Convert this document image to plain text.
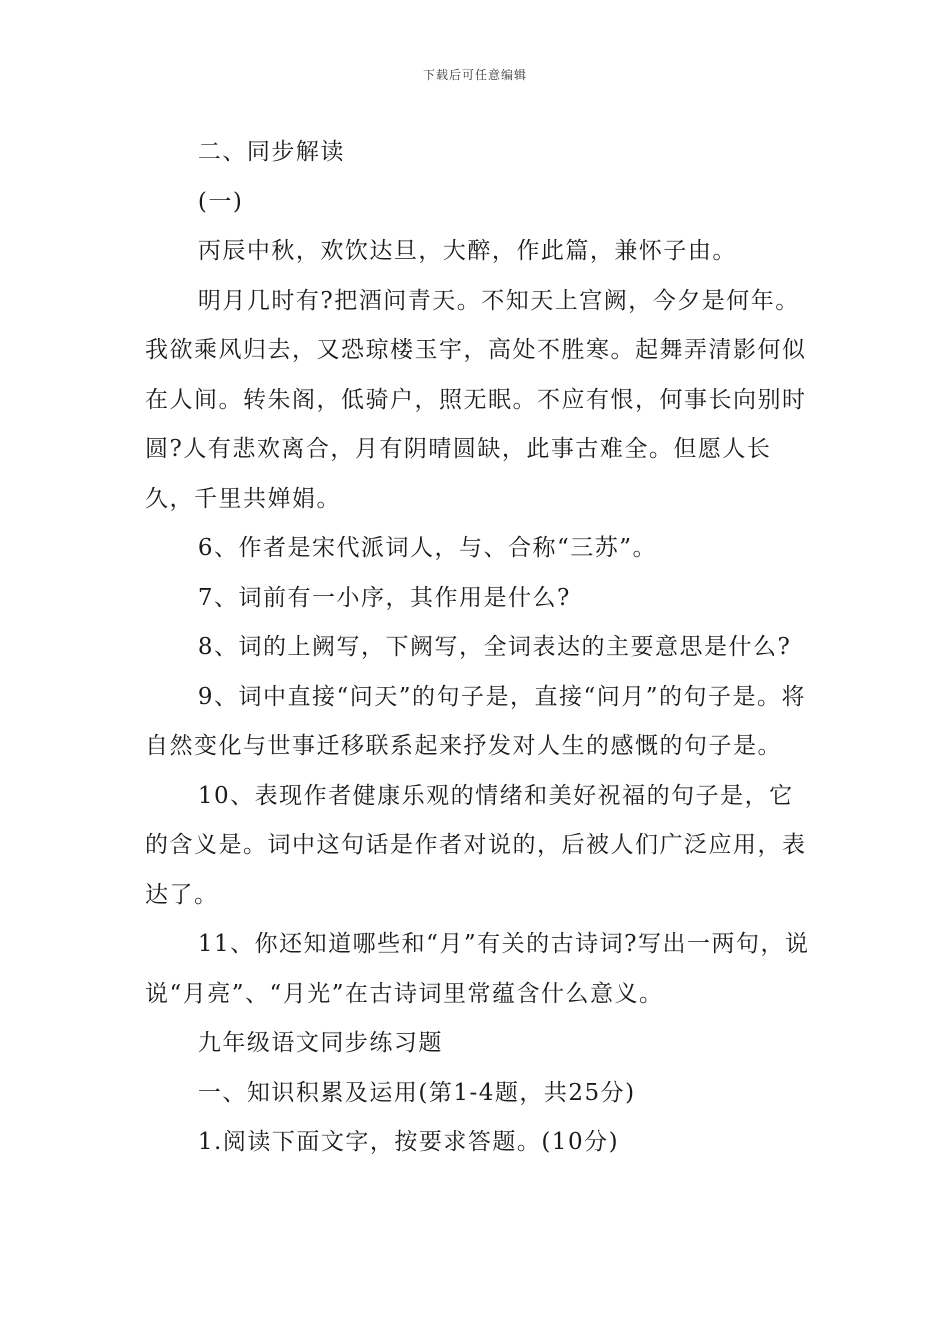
下载后可任意编辑

二、同步解读

(一)

丙辰中秋，欢饮达旦，大醉，作此篇，兼怀子由。

明月几时有?把酒问青天。不知天上宫阙，今夕是何年。我欲乘风归去，又恐琼楼玉宇，高处不胜寒。起舞弄清影何似在人间。转朱阁，低骑户，照无眠。不应有恨，何事长向别时圆?人有悲欢离合，月有阴晴圆缺，此事古难全。但愿人长久，千里共婵娟。

6、作者是宋代派词人，与、合称“三苏”。

7、词前有一小序，其作用是什么?

8、词的上阙写，下阙写，全词表达的主要意思是什么?

9、词中直接“问天”的句子是，直接“问月”的句子是。将自然变化与世事迁移联系起来抒发对人生的感慨的句子是。

10、表现作者健康乐观的情绪和美好祝福的句子是，它的含义是。词中这句话是作者对说的，后被人们广泛应用，表达了。

11、你还知道哪些和“月”有关的古诗词?写出一两句，说说“月亮”、“月光”在古诗词里常蕴含什么意义。

九年级语文同步练习题

一、知识积累及运用(第1-4题，共25分)

1.阅读下面文字，按要求答题。(10分)
